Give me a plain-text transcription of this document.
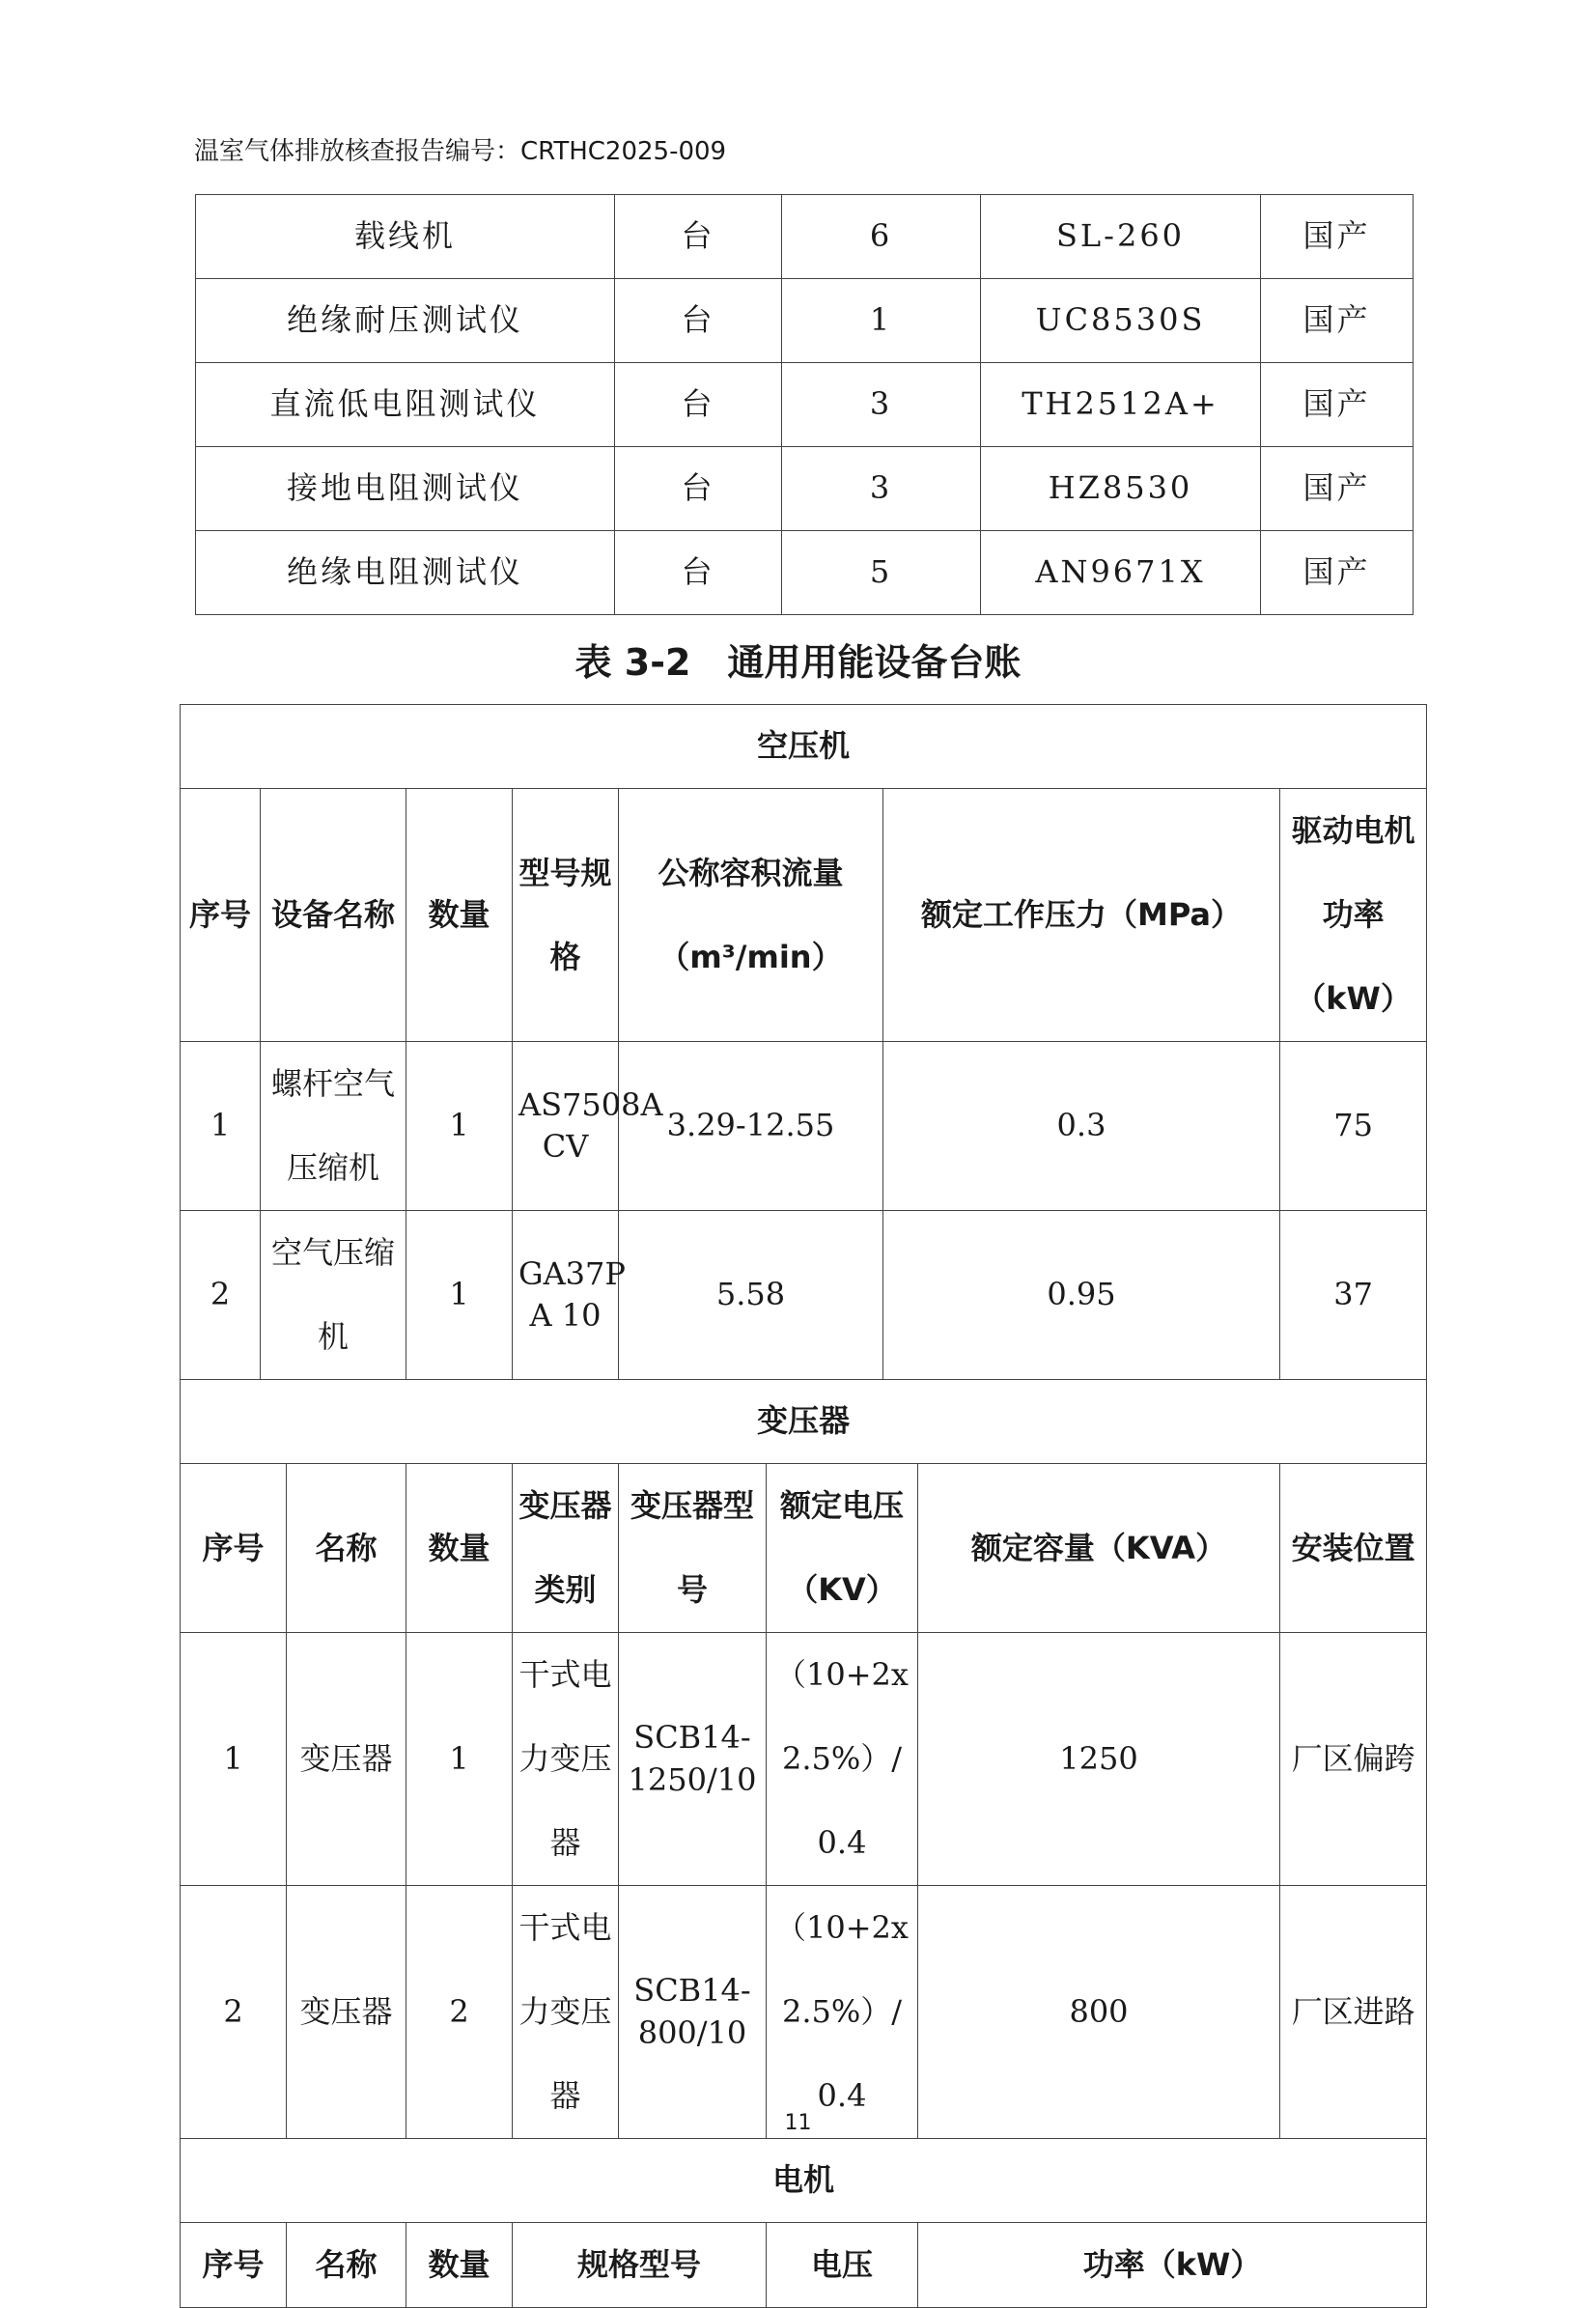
温室气体排放核查报告编号：CRTHC2025-009
载线机	台	6	SL-260	国产
绝缘耐压测试仪	台	1	UC8530S	国产
直流低电阻测试仪	台	3	TH2512A+	国产
接地电阻测试仪	台	3	HZ8530	国产
绝缘电阻测试仪	台	5	AN9671X	国产
表 3-2　通用用能设备台账
空压机									
序号	设备名称		数量	型号规格	公称容积流量（m³/min）		额定工作压力（MPa）		驱动电机功率（kW）
1	螺杆空气压缩机		1	AS7508A CV	3.29-12.55		0.3		75
2	空气压缩机		1	GA37P A 10	5.58		0.95		37
变压器									
序号		名称	数量	变压器类别	变压器型号	额定电压（KV）		额定容量（KVA）	安装位置
1		变压器	1	干式电力变压器	SCB14-1250/10	（10+2x2.5%）/0.4		1250	厂区偏跨
2		变压器	2	干式电力变压器	SCB14-800/10	（10+2x2.5%）/0.4		800	厂区进路
电机									
序号		名称	数量	规格型号		电压		功率（kW）	
11
